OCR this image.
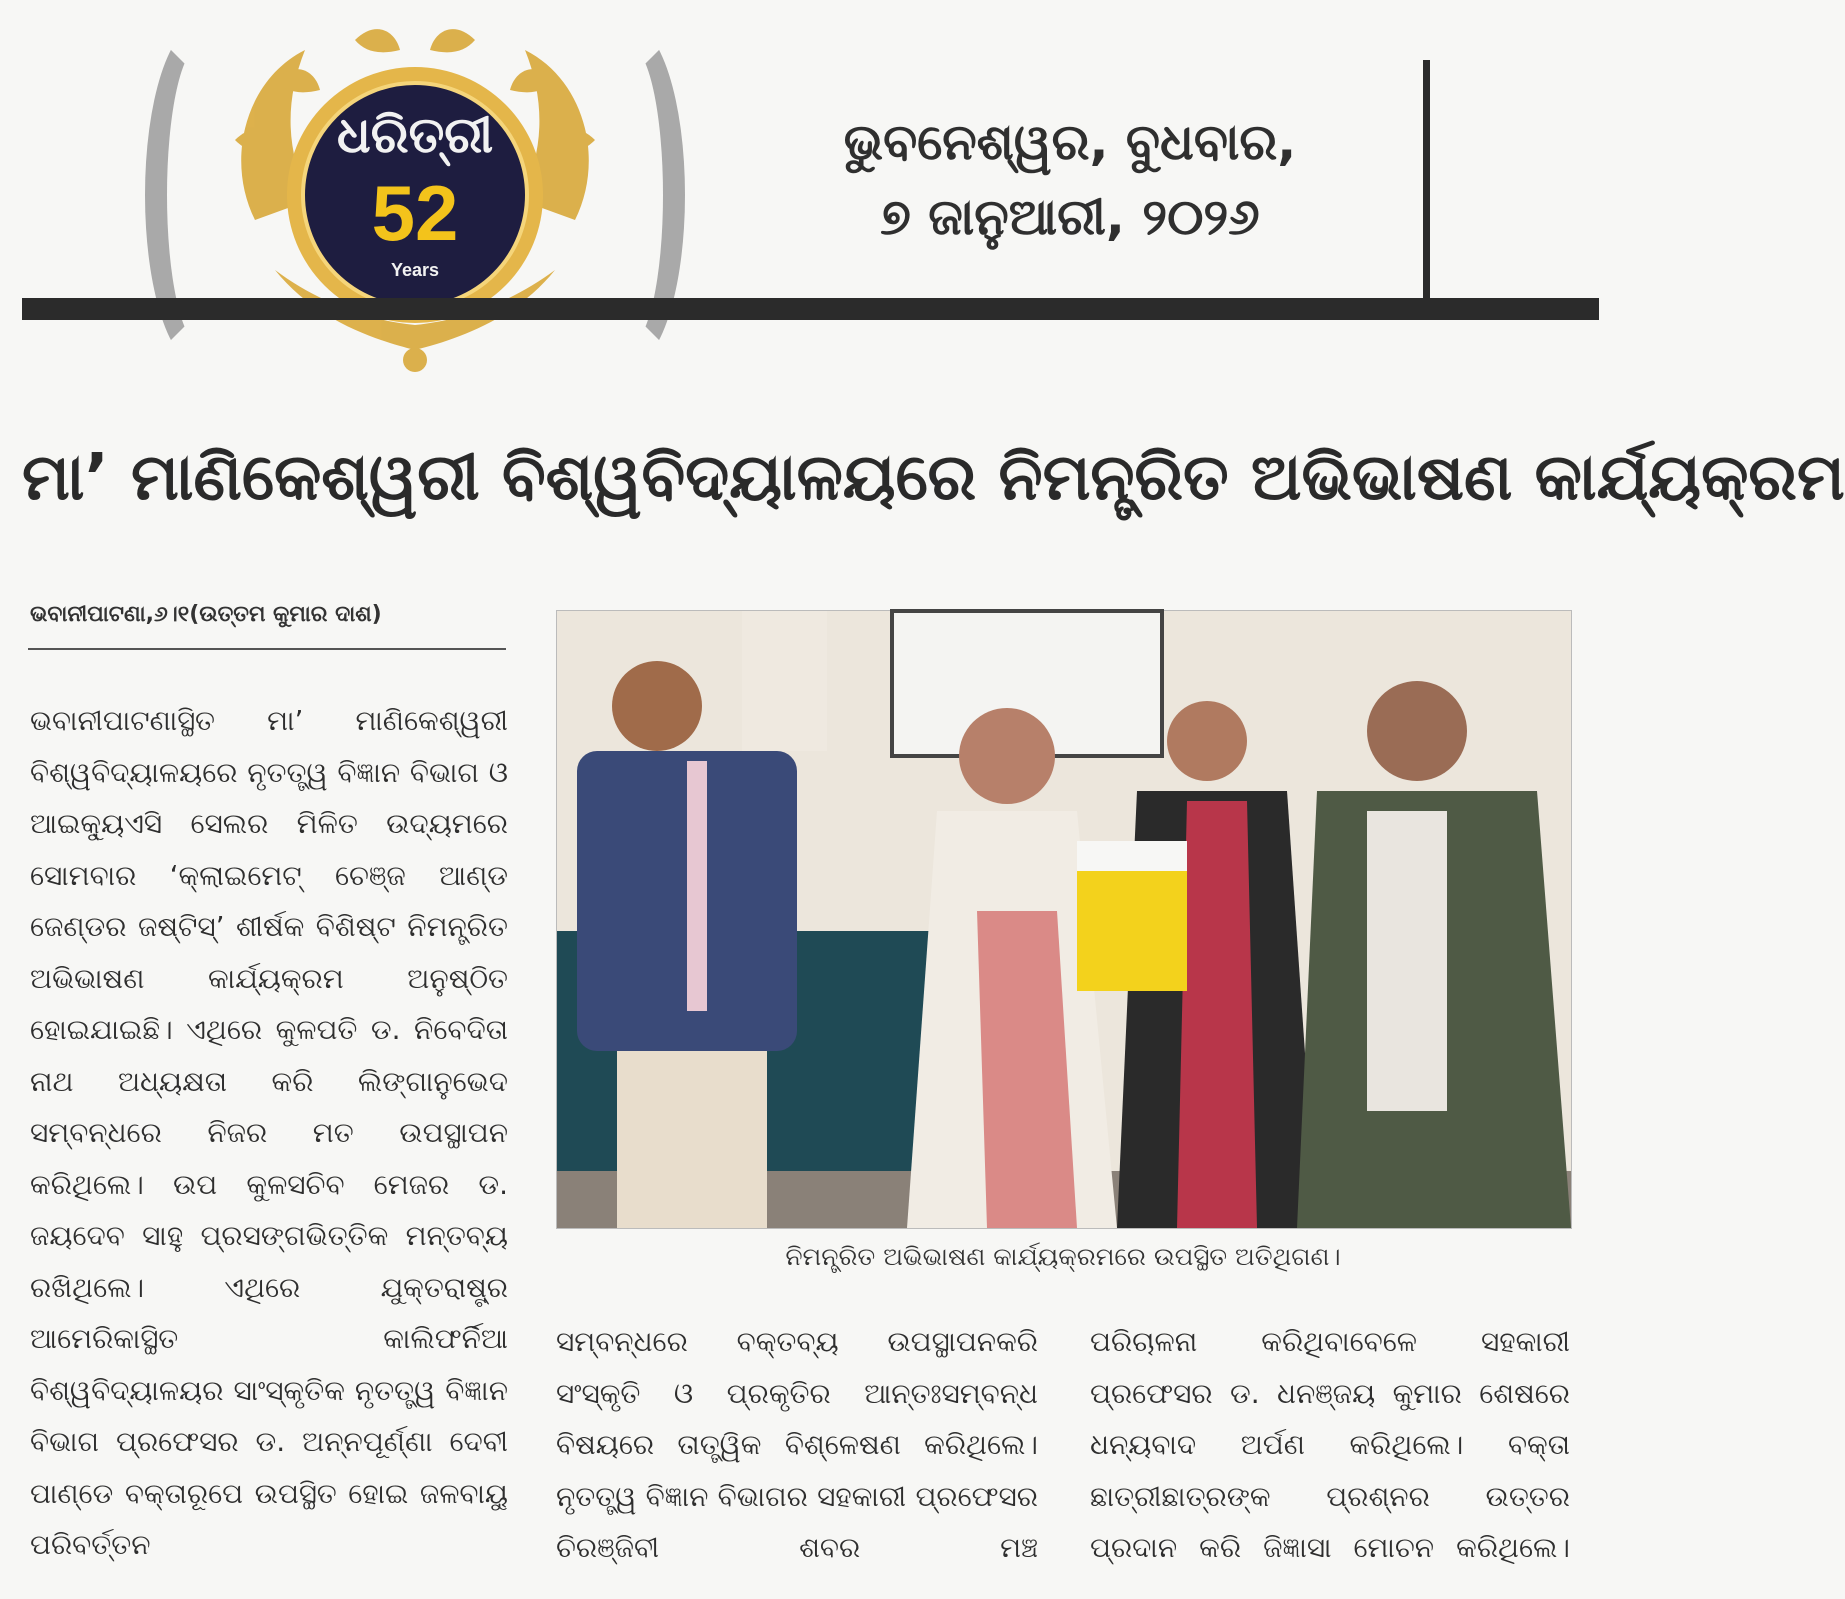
ଧରିତ୍ରୀ
52
Years
ଭୁବନେଶ୍ୱର, ବୁଧବାର,
୭ ଜାନୁଆରୀ, ୨୦୨୬
ମା’ ମାଣିକେଶ୍ୱରୀ ବିଶ୍ୱବିଦ୍ୟାଳୟରେ ନିମନ୍ତ୍ରିତ ଅଭିଭାଷଣ କାର୍ଯ୍ୟକ୍ରମ
ଭବାନୀପାଟଣା,୬।୧(ଉତ୍ତମ କୁମାର ଦାଶ)

ଭବାନୀପାଟଣାସ୍ଥିତ ମା’ ମାଣିକେଶ୍ୱରୀ ବିଶ୍ୱବିଦ୍ୟାଳୟରେ ନୃତତ୍ତ୍ୱ ବିଜ୍ଞାନ ବିଭାଗ ଓ ଆଇକ୍ୟୁଏସି ସେଲର ମିଳିତ ଉଦ୍ୟମରେ ସୋମବାର ‘କ୍ଲାଇମେଟ୍ ଚେଞ୍ଜ ଆଣ୍ଡ ଜେଣ୍ଡର ଜଷ୍ଟିସ୍’ ଶୀର୍ଷକ ବିଶିଷ୍ଟ ନିମନ୍ତ୍ରିତ ଅଭିଭାଷଣ କାର୍ଯ୍ୟକ୍ରମ ଅନୁଷ୍ଠିତ ହୋଇଯାଇଛି। ଏଥିରେ କୁଳପତି ଡ. ନିବେଦିତା ନାଥ ଅଧ୍ୟକ୍ଷତା କରି ଲିଙ୍ଗାନୁଭେଦ ସମ୍ବନ୍ଧରେ ନିଜର ମତ ଉପସ୍ଥାପନ କରିଥିଲେ। ଉପ କୁଳସଚିବ ମେଜର ଡ. ଜୟଦେବ ସାହୁ ପ୍ରସଙ୍ଗଭିତ୍ତିକ ମନ୍ତବ୍ୟ ରଖିଥିଲେ। ଏଥିରେ ଯୁକ୍ତରାଷ୍ଟ୍ର ଆମେରିକାସ୍ଥିତ କାଲିଫର୍ନିଆ ବିଶ୍ୱବିଦ୍ୟାଳୟର ସାଂସ୍କୃତିକ ନୃତତ୍ତ୍ୱ ବିଜ୍ଞାନ ବିଭାଗ ପ୍ରଫେସର ଡ. ଅନ୍ନପୂର୍ଣ୍ଣା ଦେବୀ ପାଣ୍ଡେ ବକ୍ତାରୂପେ ଉପସ୍ଥିତ ହୋଇ ଜଳବାୟୁ ପରିବର୍ତ୍ତନ

ନିମନ୍ତ୍ରିତ ଅଭିଭାଷଣ କାର୍ଯ୍ୟକ୍ରମରେ ଉପସ୍ଥିତ ଅତିଥିଗଣ।

ସମ୍ବନ୍ଧରେ ବକ୍ତବ୍ୟ ଉପସ୍ଥାପନକରି ସଂସ୍କୃତି ଓ ପ୍ରକୃତିର ଆନ୍ତଃସମ୍ବନ୍ଧ ବିଷୟରେ ତାତ୍ତ୍ୱିକ ବିଶ୍ଳେଷଣ କରିଥିଲେ। ନୃତତ୍ତ୍ୱ ବିଜ୍ଞାନ ବିଭାଗର ସହକାରୀ ପ୍ରଫେସର ଚିରଞ୍ଜିବୀ ଶବର ମଞ୍ଚ

ପରିଚାଳନା କରିଥିବାବେଳେ ସହକାରୀ ପ୍ରଫେସର ଡ. ଧନଞ୍ଜୟ କୁମାର ଶେଷରେ ଧନ୍ୟବାଦ ଅର୍ପଣ କରିଥିଲେ। ବକ୍ତା ଛାତ୍ରୀଛାତ୍ରଙ୍କ ପ୍ରଶ୍ନର ଉତ୍ତର ପ୍ରଦାନ କରି ଜିଜ୍ଞାସା ମୋଚନ କରିଥିଲେ।
